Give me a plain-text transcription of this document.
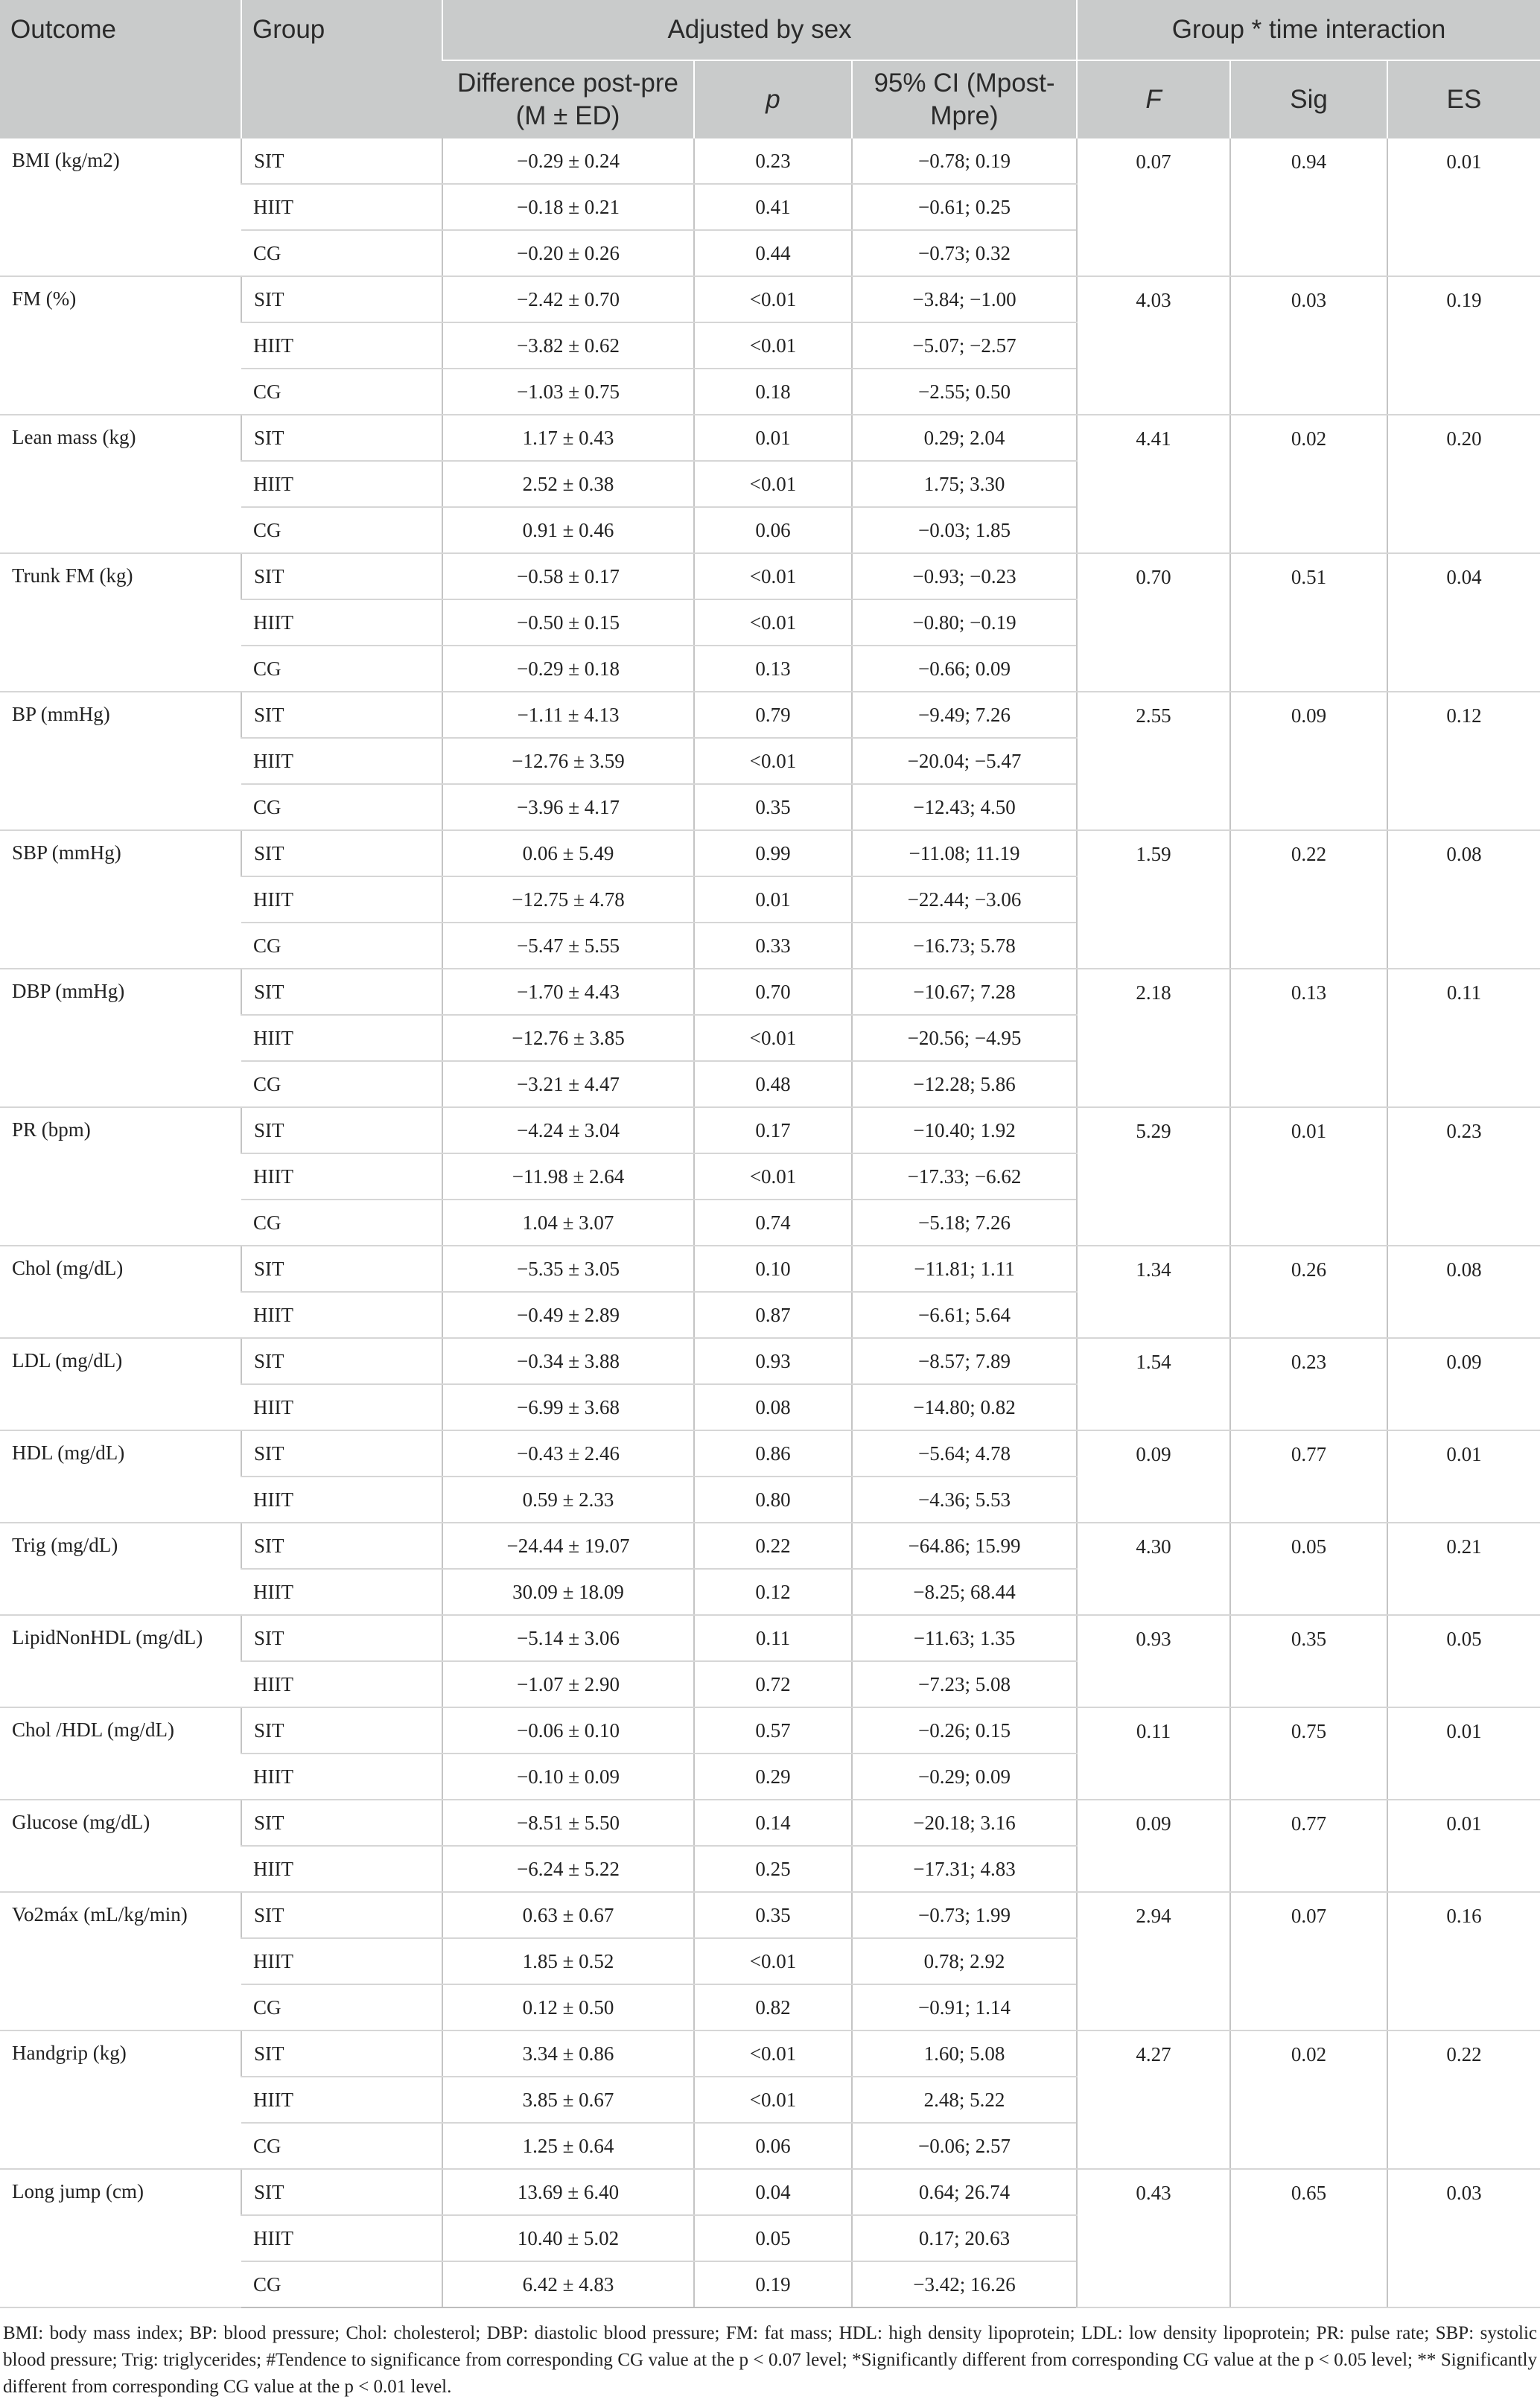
Outcome	Group	Adjusted by sex			Group * time interaction		
		Difference post-pre (M ± ED)	p	95% CI (Mpost-Mpre)	F	Sig	ES
BMI (kg/m2)	SIT	−0.29 ± 0.24	0.23	−0.78; 0.19	0.07	0.94	0.01
	HIIT	−0.18 ± 0.21	0.41	−0.61; 0.25			
	CG	−0.20 ± 0.26	0.44	−0.73; 0.32			
FM (%)	SIT	−2.42 ± 0.70	<0.01	−3.84; −1.00	4.03	0.03	0.19
	HIIT	−3.82 ± 0.62	<0.01	−5.07; −2.57			
	CG	−1.03 ± 0.75	0.18	−2.55; 0.50			
Lean mass (kg)	SIT	1.17 ± 0.43	0.01	0.29; 2.04	4.41	0.02	0.20
	HIIT	2.52 ± 0.38	<0.01	1.75; 3.30			
	CG	0.91 ± 0.46	0.06	−0.03; 1.85			
Trunk FM (kg)	SIT	−0.58 ± 0.17	<0.01	−0.93; −0.23	0.70	0.51	0.04
	HIIT	−0.50 ± 0.15	<0.01	−0.80; −0.19			
	CG	−0.29 ± 0.18	0.13	−0.66; 0.09			
BP (mmHg)	SIT	−1.11 ± 4.13	0.79	−9.49; 7.26	2.55	0.09	0.12
	HIIT	−12.76 ± 3.59	<0.01	−20.04; −5.47			
	CG	−3.96 ± 4.17	0.35	−12.43; 4.50			
SBP (mmHg)	SIT	0.06 ± 5.49	0.99	−11.08; 11.19	1.59	0.22	0.08
	HIIT	−12.75 ± 4.78	0.01	−22.44; −3.06			
	CG	−5.47 ± 5.55	0.33	−16.73; 5.78			
DBP (mmHg)	SIT	−1.70 ± 4.43	0.70	−10.67; 7.28	2.18	0.13	0.11
	HIIT	−12.76 ± 3.85	<0.01	−20.56; −4.95			
	CG	−3.21 ± 4.47	0.48	−12.28; 5.86			
PR (bpm)	SIT	−4.24 ± 3.04	0.17	−10.40; 1.92	5.29	0.01	0.23
	HIIT	−11.98 ± 2.64	<0.01	−17.33; −6.62			
	CG	1.04 ± 3.07	0.74	−5.18; 7.26			
Chol (mg/dL)	SIT	−5.35 ± 3.05	0.10	−11.81; 1.11	1.34	0.26	0.08
	HIIT	−0.49 ± 2.89	0.87	−6.61; 5.64			
LDL (mg/dL)	SIT	−0.34 ± 3.88	0.93	−8.57; 7.89	1.54	0.23	0.09
	HIIT	−6.99 ± 3.68	0.08	−14.80; 0.82			
HDL (mg/dL)	SIT	−0.43 ± 2.46	0.86	−5.64; 4.78	0.09	0.77	0.01
	HIIT	0.59 ± 2.33	0.80	−4.36; 5.53			
Trig (mg/dL)	SIT	−24.44 ± 19.07	0.22	−64.86; 15.99	4.30	0.05	0.21
	HIIT	30.09 ± 18.09	0.12	−8.25; 68.44			
LipidNonHDL (mg/dL)	SIT	−5.14 ± 3.06	0.11	−11.63; 1.35	0.93	0.35	0.05
	HIIT	−1.07 ± 2.90	0.72	−7.23; 5.08			
Chol /HDL (mg/dL)	SIT	−0.06 ± 0.10	0.57	−0.26; 0.15	0.11	0.75	0.01
	HIIT	−0.10 ± 0.09	0.29	−0.29; 0.09			
Glucose (mg/dL)	SIT	−8.51 ± 5.50	0.14	−20.18; 3.16	0.09	0.77	0.01
	HIIT	−6.24 ± 5.22	0.25	−17.31; 4.83			
Vo2máx (mL/kg/min)	SIT	0.63 ± 0.67	0.35	−0.73; 1.99	2.94	0.07	0.16
	HIIT	1.85 ± 0.52	<0.01	0.78; 2.92			
	CG	0.12 ± 0.50	0.82	−0.91; 1.14			
Handgrip (kg)	SIT	3.34 ± 0.86	<0.01	1.60; 5.08	4.27	0.02	0.22
	HIIT	3.85 ± 0.67	<0.01	2.48; 5.22			
	CG	1.25 ± 0.64	0.06	−0.06; 2.57			
Long jump (cm)	SIT	13.69 ± 6.40	0.04	0.64; 26.74	0.43	0.65	0.03
	HIIT	10.40 ± 5.02	0.05	0.17; 20.63			
	CG	6.42 ± 4.83	0.19	−3.42; 16.26			
BMI: body mass index; BP: blood pressure; Chol: cholesterol; DBP: diastolic blood pressure; FM: fat mass; HDL: high density lipoprotein; LDL: low density lipoprotein; PR: pulse rate; SBP: systolic blood pressure; Trig: triglycerides; #Tendence to significance from corresponding CG value at the p < 0.07 level; *Significantly different from corresponding CG value at the p < 0.05 level; ** Significantly different from corresponding CG value at the p < 0.01 level.
